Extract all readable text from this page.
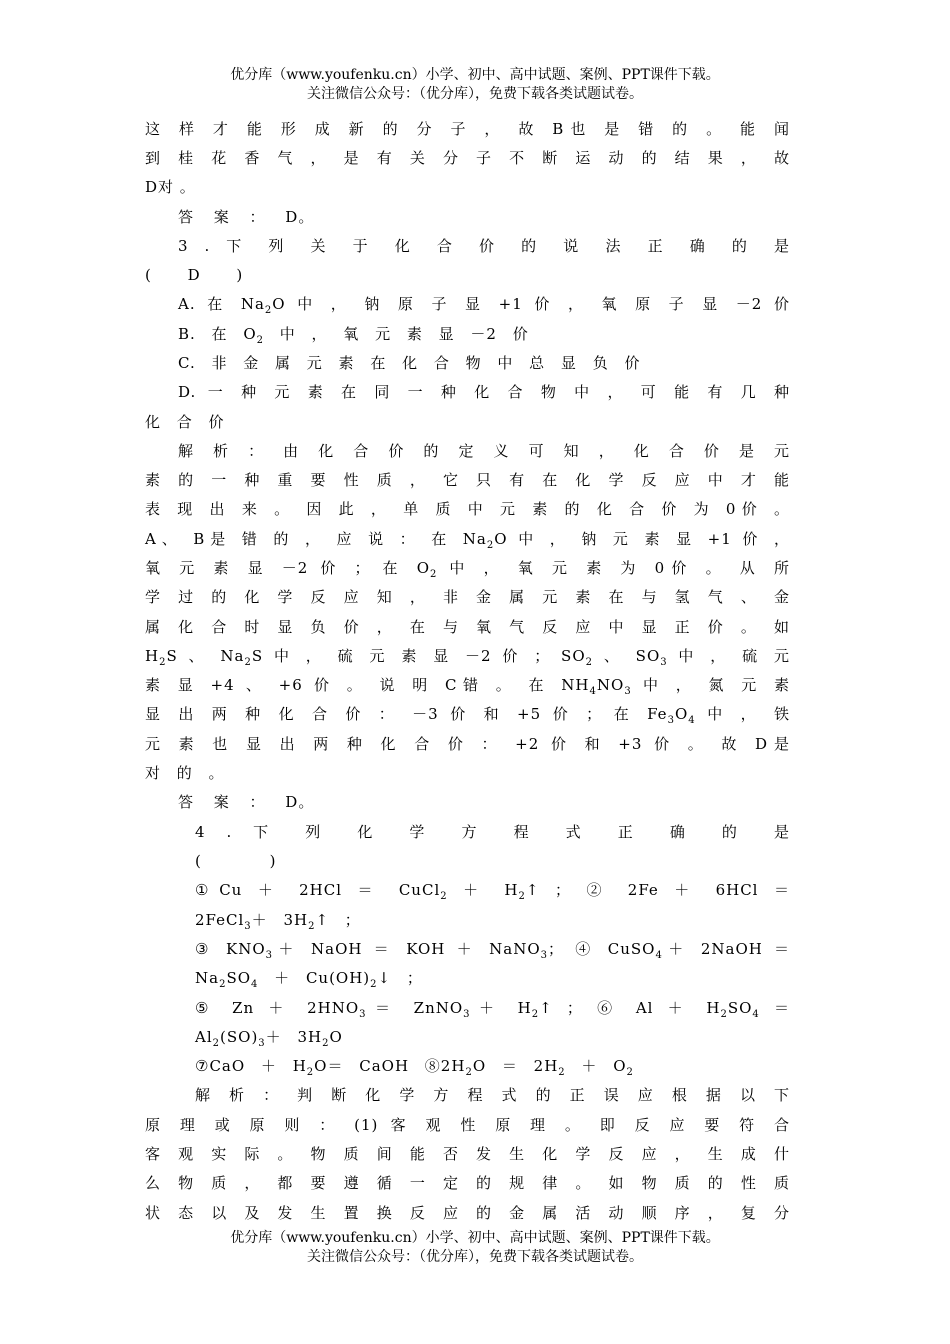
优分库（www.youfenku.cn）小学、初中、高中试题、案例、PPT课件下载。
关注微信公众号：（优分库），免费下载各类试题试卷。
这 样 才 能 形 成 新 的 分 子 ， 故 B也 是 错 的 。 能 闻
到 桂 花 香 气 ， 是 有 关 分 子 不 断 运 动 的 结 果 ， 故
D对 。
答 案 ： D。
3 . 下 列 关 于 化 合 价 的 说 法 正 确 的 是
( D )
A. 在 $Na_2O$ 中 ， 钠 原 子 显 +1 价 ， 氧 原 子 显 －2 价
B. 在 $O_2$ 中 ， 氧 元 素 显 －2 价
C. 非 金 属 元 素 在 化 合 物 中 总 显 负 价
D. 一 种 元 素 在 同 一 种 化 合 物 中 ， 可 能 有 几 种
化 合 价
解 析 ： 由 化 合 价 的 定 义 可 知 ， 化 合 价 是 元
素 的 一 种 重 要 性 质 ， 它 只 有 在 化 学 反 应 中 才 能
表 现 出 来 。 因 此 ， 单 质 中 元 素 的 化 合 价 为 0价 。
A、 B是 错 的 ， 应 说 ： 在 $Na_2O$ 中 ， 钠 元 素 显 +1 价 ，
氧 元 素 显 －2 价 ； 在 $O_2$ 中 ， 氧 元 素 为 0价 。 从 所
学 过 的 化 学 反 应 知 ， 非 金 属 元 素 在 与 氢 气 、 金
属 化 合 时 显 负 价 ， 在 与 氧 气 反 应 中 显 正 价 。 如
$H_2S$ 、 $Na_2S$ 中 ， 硫 元 素 显 －2 价 ； $SO_2$ 、 $SO_3$ 中 ， 硫 元
素 显 +4 、 +6 价 。 说 明 C错 。 在 $NH_4NO_3$ 中 ， 氮 元 素
显 出 两 种 化 合 价 ： －3 价 和 +5 价 ； 在 $Fe_3O_4$ 中 ， 铁
元 素 也 显 出 两 种 化 合 价 ： +2 价 和 +3 价 。 故 D是
对 的 。
答 案 ： D。
4 . 下 列 化 学 方 程 式 正 确 的 是
( )
①Cu ＋ 2HCl ＝ CuCl$_2$ ＋ $H_2↑$ ； ② 2Fe ＋ 6HCl ＝
2FeCl$_3$＋ $3H_2↑$ ；
③ $KNO_3+$ NaOH ＝ KOH ＋ NaNO$_3$； ④ CuSO$_4$＋ 2NaOH ＝
$Na_2SO_4$ ＋ $Cu(OH)_2↓$ ；
⑤ $Zn + 2HNO_3=$ ZnNO$_3$＋ $H_2↑$ ； ⑥ $Al + H_2SO_4$ ＝
$Al_2(SO)_3+ 3H_2O$
⑦CaO ＋ $H_2O=$ CaOH $⑧2H_2O = 2H_2 + O_2$
解 析 ： 判 断 化 学 方 程 式 的 正 误 应 根 据 以 下
原 理 或 原 则 ： (1) 客 观 性 原 理 。 即 反 应 要 符 合
客 观 实 际 。 物 质 间 能 否 发 生 化 学 反 应 ， 生 成 什
么 物 质 ， 都 要 遵 循 一 定 的 规 律 。 如 物 质 的 性 质
状 态 以 及 发 生 置 换 反 应 的 金 属 活 动 顺 序 ， 复 分
优分库（www.youfenku.cn）小学、初中、高中试题、案例、PPT课件下载。
关注微信公众号：（优分库），免费下载各类试题试卷。
